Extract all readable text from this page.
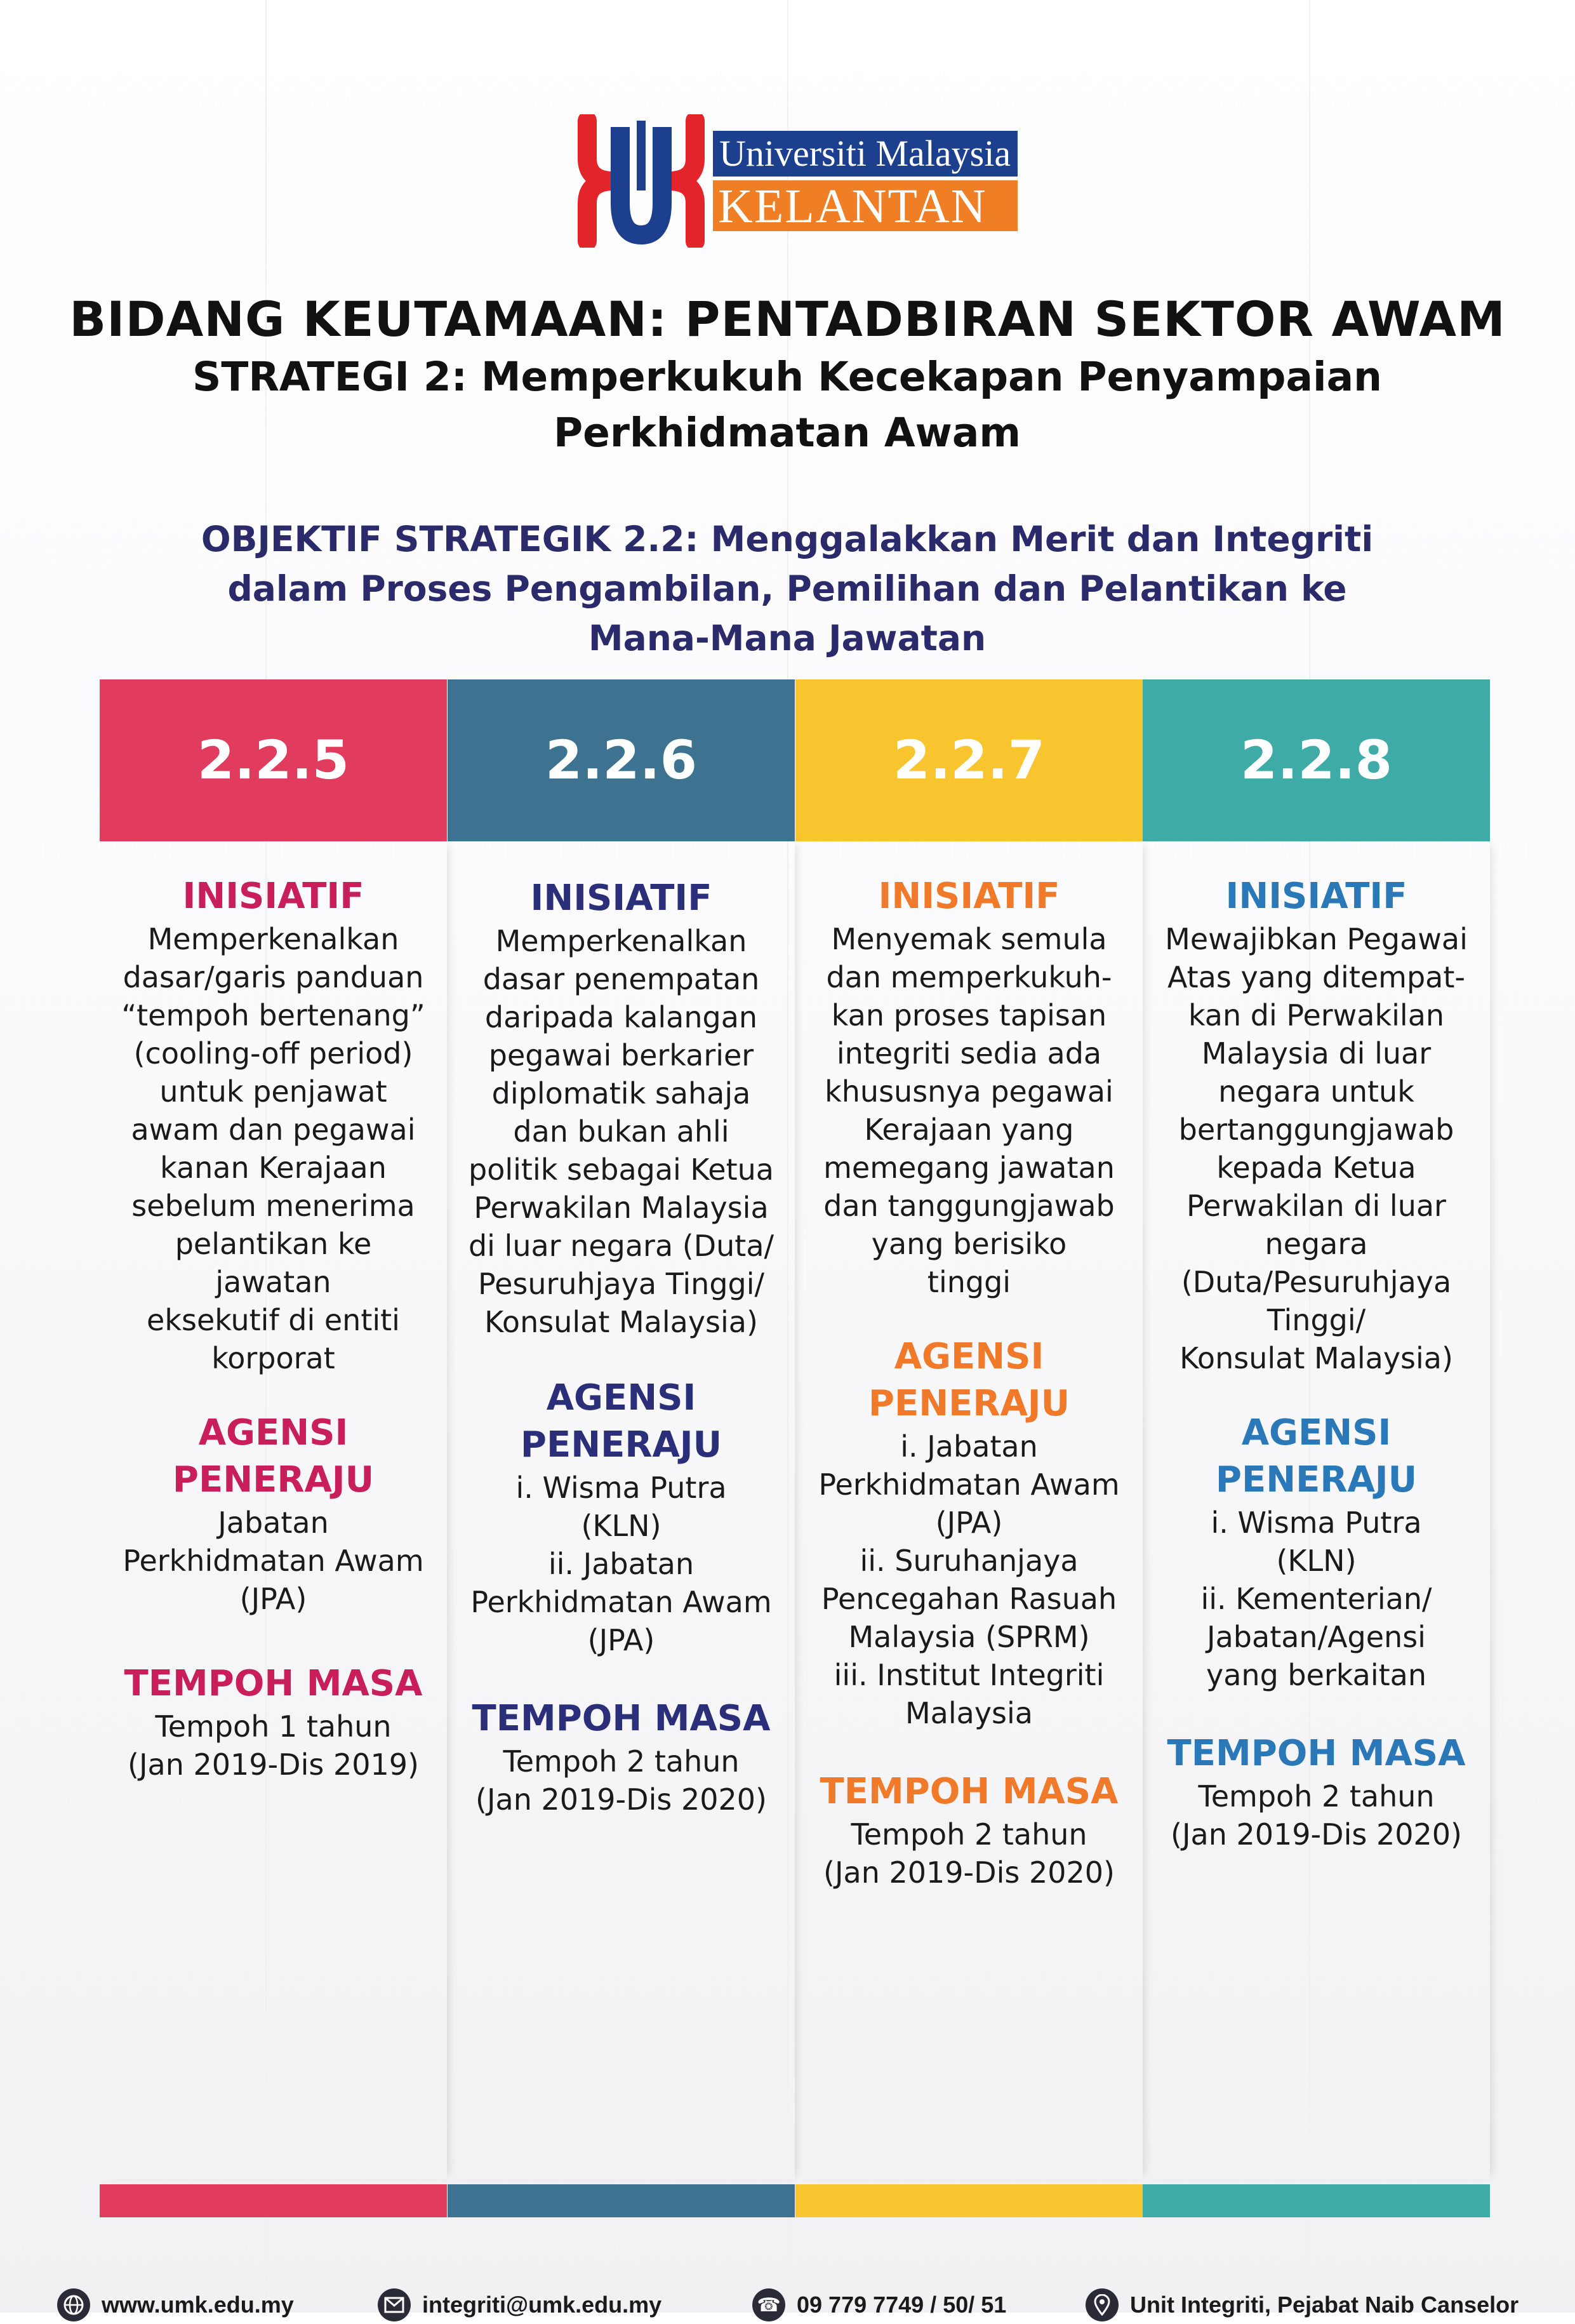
Universiti Malaysia
KELANTAN
BIDANG KEUTAMAAN: PENTADBIRAN SEKTOR AWAM
STRATEGI 2: Memperkukuh Kecekapan Penyampaian Perkhidmatan Awam
OBJEKTIF STRATEGIK 2.2: Menggalakkan Merit dan Integriti dalam Proses Pengambilan, Pemilihan dan Pelantikan ke Mana-Mana Jawatan
2.2.5

INISIATIF

Memperkenalkan
dasar/garis panduan
“tempoh bertenang”
(cooling-off period)
untuk penjawat
awam dan pegawai
kanan Kerajaan
sebelum menerima
pelantikan ke
jawatan
eksekutif di entiti
korporat

AGENSI
PENERAJU

Jabatan
Perkhidmatan Awam
(JPA)

TEMPOH MASA

Tempoh 1 tahun
(Jan 2019-Dis 2019)

2.2.6

INISIATIF

Memperkenalkan
dasar penempatan
daripada kalangan
pegawai berkarier
diplomatik sahaja
dan bukan ahli
politik sebagai Ketua
Perwakilan Malaysia
di luar negara (Duta/
Pesuruhjaya Tinggi/
Konsulat Malaysia)

AGENSI
PENERAJU

i. Wisma Putra
(KLN)
ii. Jabatan
Perkhidmatan Awam
(JPA)

TEMPOH MASA

Tempoh 2 tahun
(Jan 2019-Dis 2020)

2.2.7

INISIATIF

Menyemak semula
dan memperkukuh-
kan proses tapisan
integriti sedia ada
khususnya pegawai
Kerajaan yang
memegang jawatan
dan tanggungjawab
yang berisiko
tinggi

AGENSI
PENERAJU

i. Jabatan
Perkhidmatan Awam
(JPA)
ii. Suruhanjaya
Pencegahan Rasuah
Malaysia (SPRM)
iii. Institut Integriti
Malaysia

TEMPOH MASA

Tempoh 2 tahun
(Jan 2019-Dis 2020)

2.2.8

INISIATIF

Mewajibkan Pegawai
Atas yang ditempat-
kan di Perwakilan
Malaysia di luar
negara untuk
bertanggungjawab
kepada Ketua
Perwakilan di luar
negara
(Duta/Pesuruhjaya
Tinggi/
Konsulat Malaysia)

AGENSI
PENERAJU

i. Wisma Putra
(KLN)
ii. Kementerian/
Jabatan/Agensi
yang berkaitan

TEMPOH MASA

Tempoh 2 tahun
(Jan 2019-Dis 2020)

www.umk.edu.my	integriti@umk.edu.my	☎ 09 779 7749 / 50/ 51	Unit Integriti, Pejabat Naib Canselor
